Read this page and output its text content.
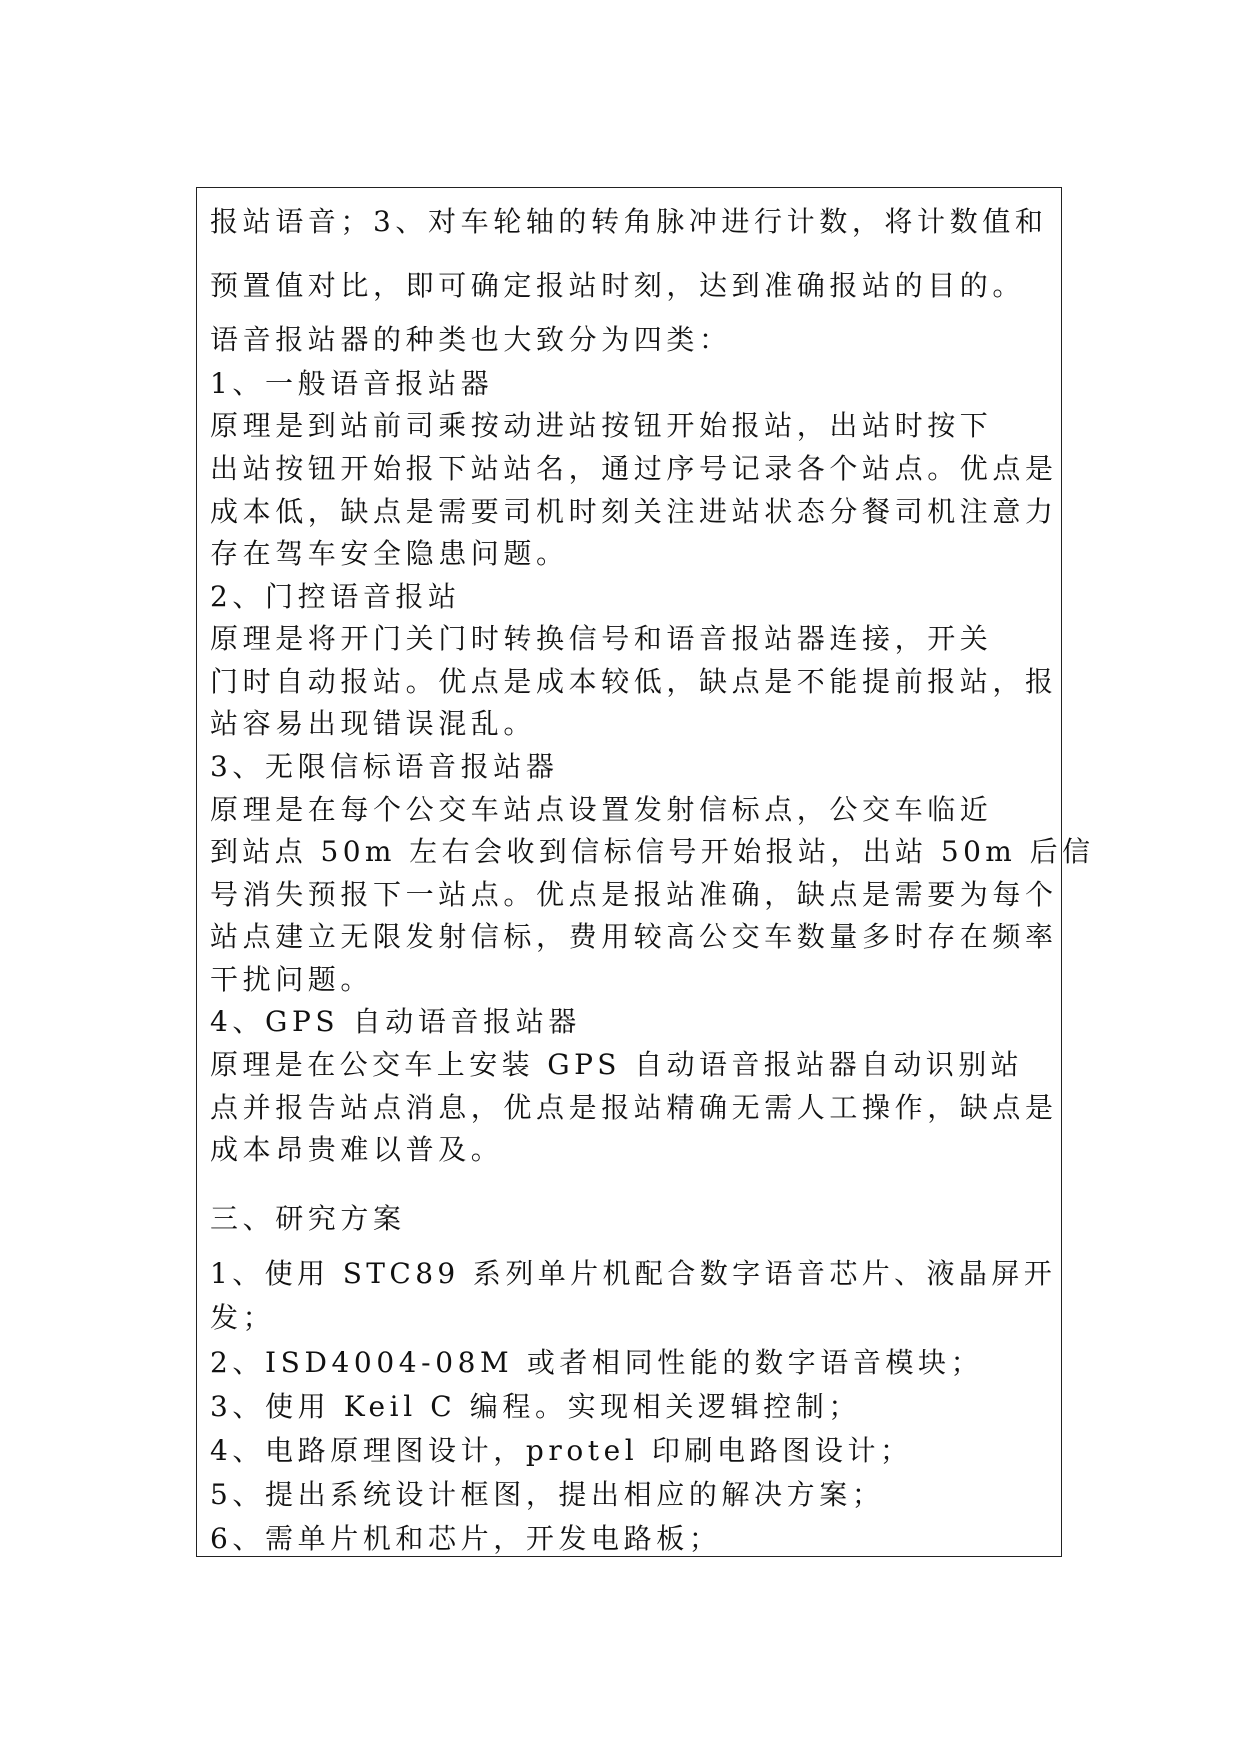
报站语音；3、对车轮轴的转角脉冲进行计数，将计数值和
预置值对比，即可确定报站时刻，达到准确报站的目的。
语音报站器的种类也大致分为四类：
1、一般语音报站器
原理是到站前司乘按动进站按钮开始报站，出站时按下
出站按钮开始报下站站名，通过序号记录各个站点。优点是
成本低，缺点是需要司机时刻关注进站状态分餐司机注意力
存在驾车安全隐患问题。
2、门控语音报站
原理是将开门关门时转换信号和语音报站器连接，开关
门时自动报站。优点是成本较低，缺点是不能提前报站，报
站容易出现错误混乱。
3、无限信标语音报站器
原理是在每个公交车站点设置发射信标点，公交车临近
到站点 50m 左右会收到信标信号开始报站，出站 50m 后信
号消失预报下一站点。优点是报站准确，缺点是需要为每个
站点建立无限发射信标，费用较高公交车数量多时存在频率
干扰问题。
4、GPS 自动语音报站器
原理是在公交车上安装 GPS 自动语音报站器自动识别站
点并报告站点消息，优点是报站精确无需人工操作，缺点是
成本昂贵难以普及。
三、研究方案
1、使用 STC89 系列单片机配合数字语音芯片、液晶屏开
发；
2、ISD4004-08M 或者相同性能的数字语音模块；
3、使用 Keil C 编程。实现相关逻辑控制；
4、电路原理图设计，protel 印刷电路图设计；
5、提出系统设计框图，提出相应的解决方案；
6、需单片机和芯片，开发电路板；
